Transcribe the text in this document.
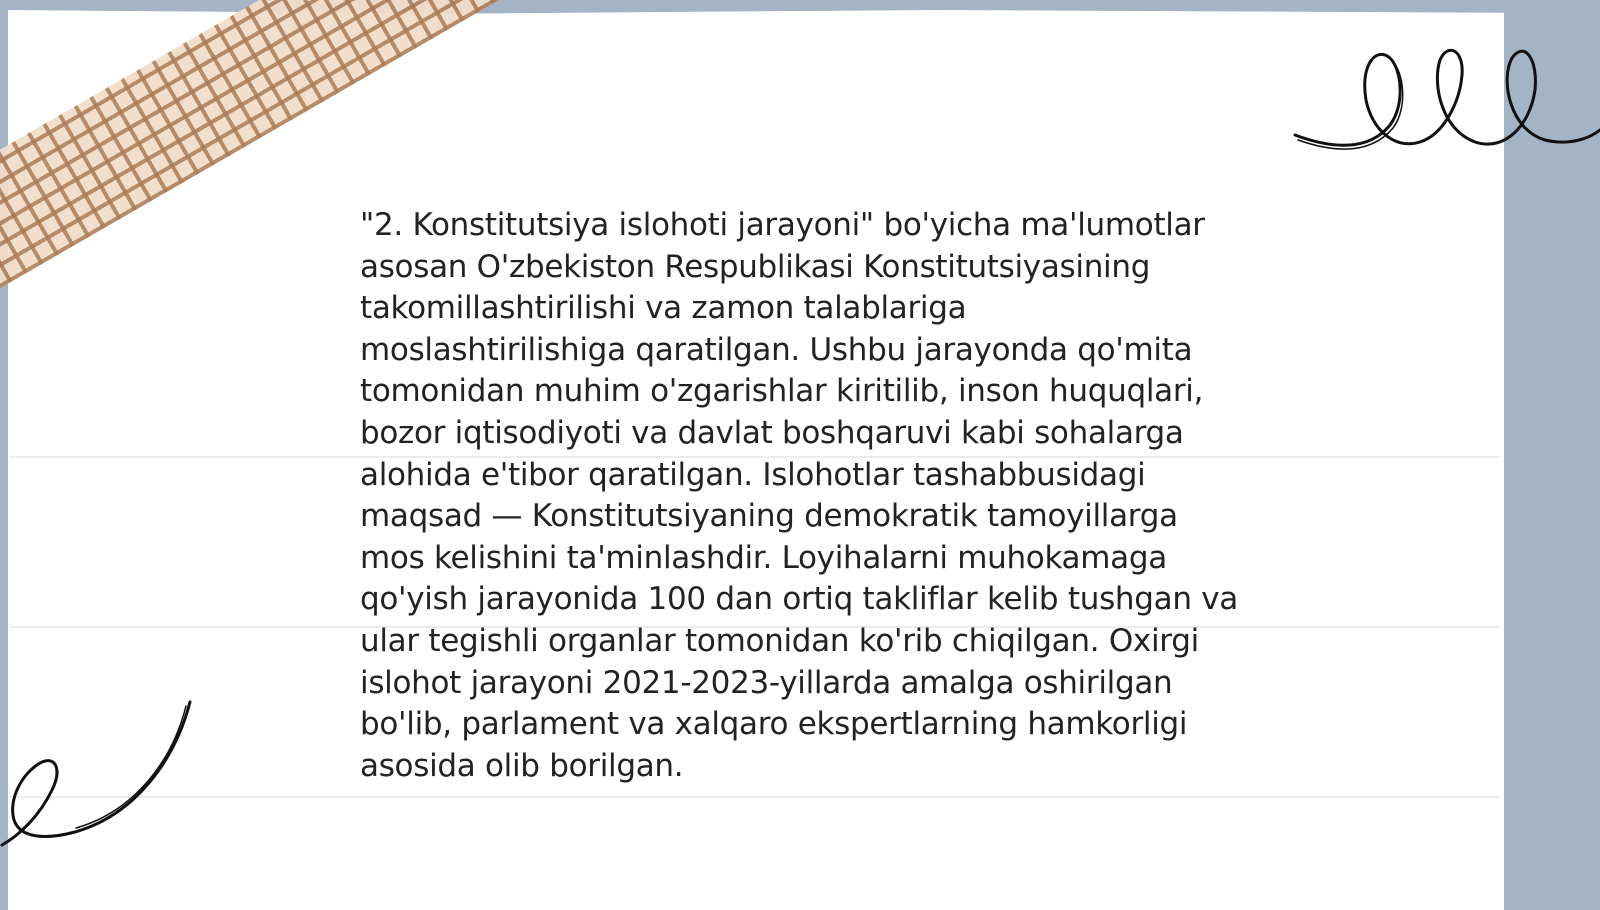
"2. Konstitutsiya islohoti jarayoni" bo'yicha ma'lumotlar asosan O'zbekiston Respublikasi Konstitutsiyasining takomillashtirilishi va zamon talablariga moslashtirilishiga qaratilgan. Ushbu jarayonda qo'mita tomonidan muhim o'zgarishlar kiritilib, inson huquqlari, bozor iqtisodiyoti va davlat boshqaruvi kabi sohalarga alohida e'tibor qaratilgan. Islohotlar tashabbusidagi maqsad — Konstitutsiyaning demokratik tamoyillarga mos kelishini ta'minlashdir. Loyihalarni muhokamaga qo'yish jarayonida 100 dan ortiq takliflar kelib tushgan va ular tegishli organlar tomonidan ko'rib chiqilgan. Oxirgi islohot jarayoni 2021-2023-yillarda amalga oshirilgan bo'lib, parlament va xalqaro ekspertlarning hamkorligi asosida olib borilgan.
